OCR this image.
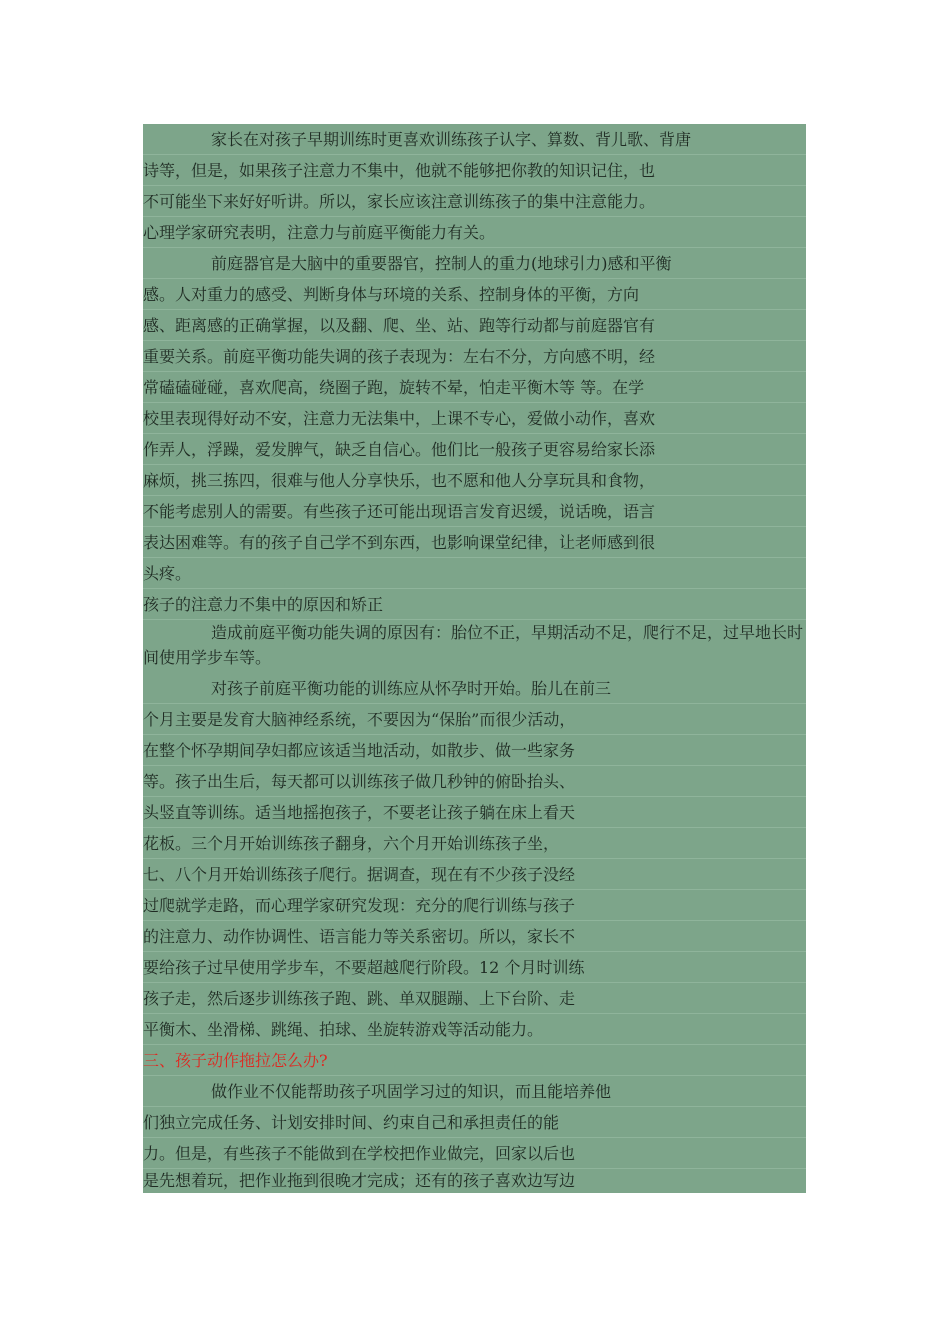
家长在对孩子早期训练时更喜欢训练孩子认字、算数、背儿歌、背唐
诗等，但是，如果孩子注意力不集中，他就不能够把你教的知识记住，也
不可能坐下来好好听讲。所以，家长应该注意训练孩子的集中注意能力。
心理学家研究表明，注意力与前庭平衡能力有关。
前庭器官是大脑中的重要器官，控制人的重力(地球引力)感和平衡
感。人对重力的感受、判断身体与环境的关系、控制身体的平衡，方向
感、距离感的正确掌握，以及翻、爬、坐、站、跑等行动都与前庭器官有
重要关系。前庭平衡功能失调的孩子表现为：左右不分，方向感不明，经
常磕磕碰碰，喜欢爬高，绕圈子跑，旋转不晕，怕走平衡木等 等。在学
校里表现得好动不安，注意力无法集中，上课不专心，爱做小动作，喜欢
作弄人，浮躁，爱发脾气，缺乏自信心。他们比一般孩子更容易给家长添
麻烦，挑三拣四，很难与他人分享快乐，也不愿和他人分享玩具和食物，
不能考虑别人的需要。有些孩子还可能出现语言发育迟缓，说话晚，语言
表达困难等。有的孩子自己学不到东西，也影响课堂纪律，让老师感到很
头疼。
孩子的注意力不集中的原因和矫正
造成前庭平衡功能失调的原因有：胎位不正，早期活动不足，爬行不足，过早地长时间使用学步车等。
对孩子前庭平衡功能的训练应从怀孕时开始。胎儿在前三
个月主要是发育大脑神经系统，不要因为“保胎”而很少活动，
在整个怀孕期间孕妇都应该适当地活动，如散步、做一些家务
等。孩子出生后，每天都可以训练孩子做几秒钟的俯卧抬头、
头竖直等训练。适当地摇抱孩子，不要老让孩子躺在床上看天
花板。三个月开始训练孩子翻身，六个月开始训练孩子坐，
七、八个月开始训练孩子爬行。据调查，现在有不少孩子没经
过爬就学走路，而心理学家研究发现：充分的爬行训练与孩子
的注意力、动作协调性、语言能力等关系密切。所以，家长不
要给孩子过早使用学步车，不要超越爬行阶段。12 个月时训练
孩子走，然后逐步训练孩子跑、跳、单双腿蹦、上下台阶、走
平衡木、坐滑梯、跳绳、拍球、坐旋转游戏等活动能力。
三、孩子动作拖拉怎么办?
做作业不仅能帮助孩子巩固学习过的知识，而且能培养他
们独立完成任务、计划安排时间、约束自己和承担责任的能
力。但是，有些孩子不能做到在学校把作业做完，回家以后也
是先想着玩，把作业拖到很晚才完成；还有的孩子喜欢边写边
